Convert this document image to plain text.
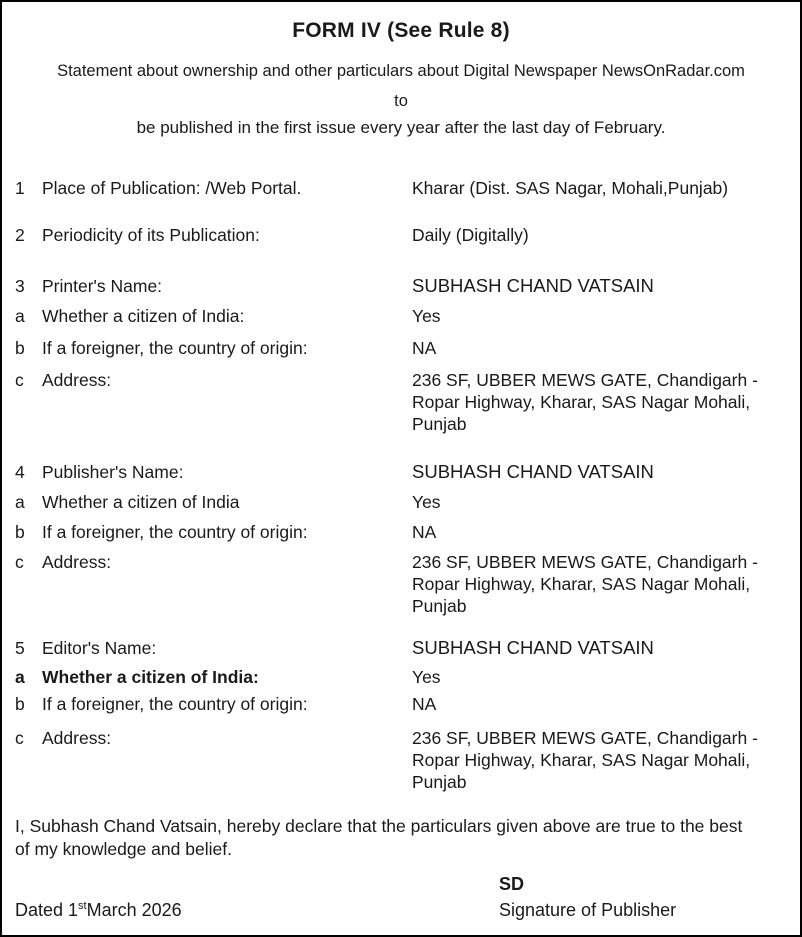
FORM IV (See Rule 8)
Statement about ownership and other particulars about Digital Newspaper NewsOnRadar.com
to
be published in the first issue every year after the last day of February.
1 Place of Publication: /Web Portal.	Kharar (Dist. SAS Nagar, Mohali,Punjab)
2 Periodicity of its Publication:	Daily (Digitally)
3 Printer's Name:	SUBHASH CHAND VATSAIN
a Whether a citizen of India:	Yes
b If a foreigner, the country of origin:	NA
c	Address:	236 SF, UBBER MEWS GATE, Chandigarh - Ropar Highway, Kharar, SAS Nagar Mohali, Punjab
4 Publisher's Name:	SUBHASH CHAND VATSAIN
a Whether a citizen of India	Yes
b If a foreigner, the country of origin:	NA
c	Address:	236 SF, UBBER MEWS GATE, Chandigarh - Ropar Highway, Kharar, SAS Nagar Mohali, Punjab
5 Editor's Name:	SUBHASH CHAND VATSAIN
a Whether a citizen of India:	Yes
b If a foreigner, the country of origin:	NA
c	Address:	236 SF, UBBER MEWS GATE, Chandigarh - Ropar Highway, Kharar, SAS Nagar Mohali, Punjab
I, Subhash Chand Vatsain, hereby declare that the particulars given above are true to the best of my knowledge and belief.
SD
Signature of Publisher
Dated 1stMarch 2026
